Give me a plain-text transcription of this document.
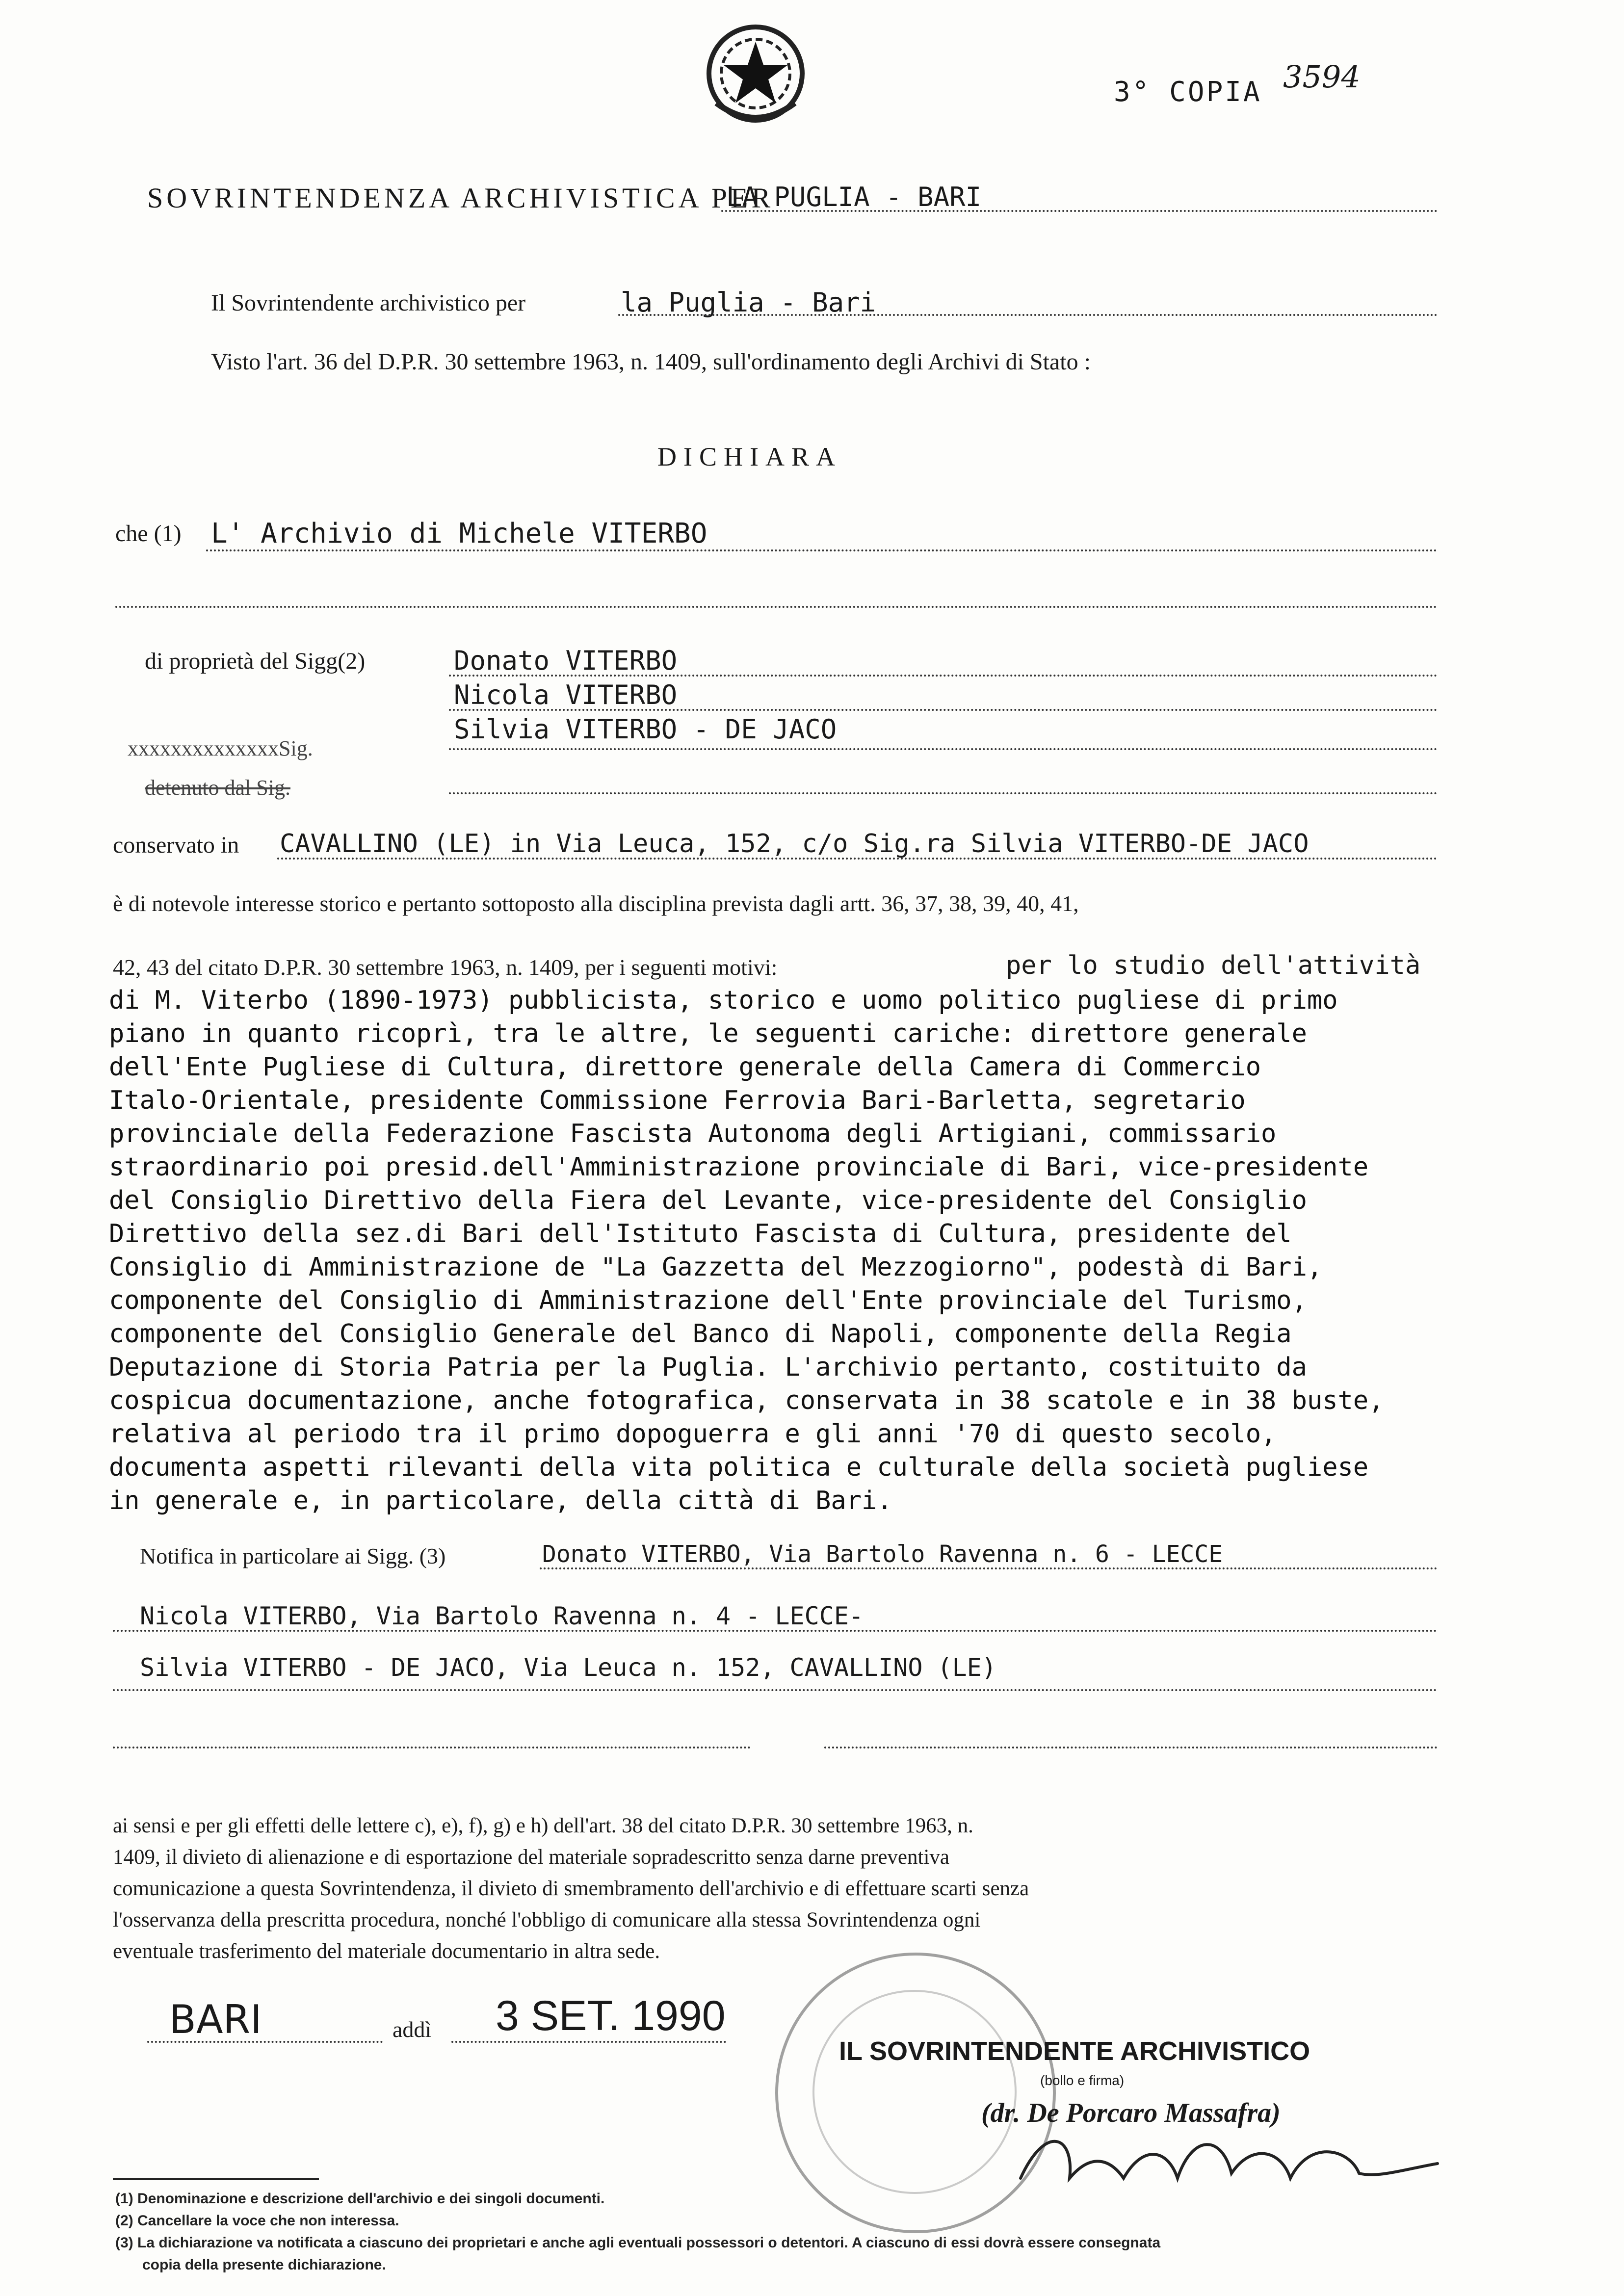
3° COPIA 3594
SOVRINTENDENZA ARCHIVISTICA PER
LA PUGLIA - BARI
Il Sovrintendente archivistico per	la Puglia - Bari
Visto l'art. 36 del D.P.R. 30 settembre 1963, n. 1409, sull'ordinamento degli Archivi di Stato :
DICHIARA
che (1) L' Archivio di Michele VITERBO
di proprietà del Sigg(2)	Donato VITERBO
Nicola VITERBO
Silvia VITERBO - DE JACO
xxxxxxxxxxxxxxSig.
detenuto dal Sig.
conservato in CAVALLINO (LE) in Via Leuca, 152, c/o Sig.ra Silvia VITERBO-DE JACO
è di notevole interesse storico e pertanto sottoposto alla disciplina prevista dagli artt. 36, 37, 38, 39, 40, 41,
42, 43 del citato D.P.R. 30 settembre 1963, n. 1409, per i seguenti motivi:	per lo studio dell'attività
di M. Viterbo (1890-1973) pubblicista, storico e uomo politico pugliese di primo
piano in quanto ricoprì, tra le altre, le seguenti cariche: direttore generale
dell'Ente Pugliese di Cultura, direttore generale della Camera di Commercio
Italo-Orientale, presidente Commissione Ferrovia Bari-Barletta, segretario
provinciale della Federazione Fascista Autonoma degli Artigiani, commissario
straordinario poi presid.dell'Amministrazione provinciale di Bari, vice-presidente
del Consiglio Direttivo della Fiera del Levante, vice-presidente del Consiglio
Direttivo della sez.di Bari dell'Istituto Fascista di Cultura, presidente del
Consiglio di Amministrazione de "La Gazzetta del Mezzogiorno", podestà di Bari,
componente del Consiglio di Amministrazione dell'Ente provinciale del Turismo,
componente del Consiglio Generale del Banco di Napoli, componente della Regia
Deputazione di Storia Patria per la Puglia. L'archivio pertanto, costituito da
cospicua documentazione, anche fotografica, conservata in 38 scatole e in 38 buste,
relativa al periodo tra il primo dopoguerra e gli anni '70 di questo secolo,
documenta aspetti rilevanti della vita politica e culturale della società pugliese
in generale e, in particolare, della città di Bari.
Notifica in particolare ai Sigg. (3)	Donato VITERBO, Via Bartolo Ravenna n. 6 - LECCE
Nicola VITERBO, Via Bartolo Ravenna n. 4 - LECCE-
Silvia VITERBO - DE JACO, Via Leuca n. 152, CAVALLINO (LE)
ai sensi e per gli effetti delle lettere c), e), f), g) e h) dell'art. 38 del citato D.P.R. 30 settembre 1963, n.
1409, il divieto di alienazione e di esportazione del materiale sopradescritto senza darne preventiva
comunicazione a questa Sovrintendenza, il divieto di smembramento dell'archivio e di effettuare scarti senza
l'osservanza della prescritta procedura, nonché l'obbligo di comunicare alla stessa Sovrintendenza ogni
eventuale trasferimento del materiale documentario in altra sede.
BARI	addì 3 SET. 1990
IL SOVRINTENDENTE ARCHIVISTICO
(bollo e firma)
(dr. De Porcaro Massafra)
(1) Denominazione e descrizione dell'archivio e dei singoli documenti.
(2) Cancellare la voce che non interessa.
(3) La dichiarazione va notificata a ciascuno dei proprietari e anche agli eventuali possessori o detentori. A ciascuno di essi dovrà essere consegnata
copia della presente dichiarazione.
